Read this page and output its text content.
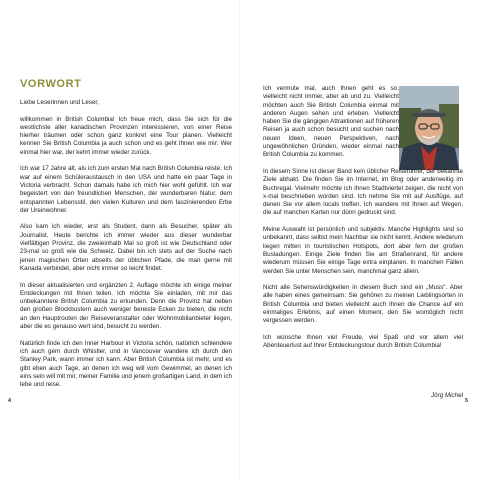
VORWORT

Liebe Leserinnen und Leser,

willkommen in British Columbia! Ich freue mich, dass Sie sich für die westlichste aller kanadischen Provinzen interessieren, von einer Reise hierher träumen oder schon ganz konkret eine Tour planen. Vielleicht kennen Sie British Columbia ja auch schon und es geht Ihnen wie mir: Wer einmal hier war, der kehrt immer wieder zurück.

Ich war 17 Jahre alt, als ich zum ersten Mal nach British Columbia reiste. Ich war auf einem Schüleraustausch in den USA und hatte ein paar Tage in Victoria verbracht. Schon damals habe ich mich hier wohl gefühlt. Ich war begeistert von den freundlichen Menschen, der wunderbaren Natur, dem entspannten Lebensstil, den vielen Kulturen und dem faszinierenden Erbe der Ureinwohner.

Also kam ich wieder, erst als Student, dann als Besucher, später als Journalist. Heute berichte ich immer wieder aus dieser wunderbar vielfältigen Provinz, die zweieinhalb Mal so groß ist wie Deutschland oder 23-mal so groß wie die Schweiz. Dabei bin ich stets auf der Suche nach jenen magischen Orten abseits der üblichen Pfade, die man gerne mit Kanada verbindet, aber nicht immer so leicht findet.

In dieser aktualisierten und ergänzten 2. Auflage möchte ich einige meiner Entdeckungen mit Ihnen teilen. Ich möchte Sie einladen, mit mir das unbekanntere British Columbia zu erkunden. Denn die Provinz hat neben den großen Blockbustern auch weniger bereiste Ecken zu bieten, die nicht an den Hauptrouten der Reiseveranstalter oder Wohnmobilanbieter liegen, aber die es genauso wert sind, besucht zu werden.

Natürlich finde ich den Inner Harbour in Victoria schön, natürlich schlendere ich auch gern durch Whistler, und in Vancouver wandere ich durch den Stanley Park, wann immer ich kann. Aber British Columbia ist mehr, und es gibt eben auch Tage, an denen ich weg will vom Gewimmel, an denen ich eins sein will mit mir, meiner Familie und jenem großartigen Land, in dem ich lebe und reise.

4

Ich vermute mal, auch Ihnen geht es so, vielleicht nicht immer, aber ab und zu. Vielleicht möchten auch Sie British Columbia einmal mit anderen Augen sehen und erleben. Vielleicht haben Sie die gängigen Attraktionen auf früheren Reisen ja auch schon besucht und suchen nach neuen Ideen, neuen Perspektiven, nach ungewöhnlichen Gründen, wieder einmal nach British Columbia zu kommen.

In diesem Sinne ist dieser Band kein üblicher Reiseführer, der bekannte Ziele abhakt. Die finden Sie im Internet, im Blog oder anderweitig im Buchregal. Vielmehr möchte ich Ihnen Stadtviertel zeigen, die nicht von x-mal beschrieben worden sind. Ich nehme Sie mit auf Ausflüge, auf denen Sie vor allem locals treffen. Ich wandere mit Ihnen auf Wegen, die auf manchen Karten nur dünn gedruckt sind.

Meine Auswahl ist persönlich und subjektiv. Manche Highlights sind so unbekannt, dass selbst mein Nachbar sie nicht kennt. Andere wiederum liegen mitten in touristischen Hotspots, dort aber fern der großen Busladungen. Einige Ziele finden Sie am Straßenrand, für andere wiederum müssen Sie einige Tage extra einplanen. In manchen Fällen werden Sie unter Menschen sein, manchmal ganz allein.

Nicht alle Sehenswürdigkeiten in diesem Buch sind ein „Muss“. Aber alle haben eines gemeinsam: Sie gehören zu meinen Lieblingsorten in British Columbia und bieten vielleicht auch Ihnen die Chance auf ein einmaliges Erlebnis, auf einen Moment, den Sie womöglich nicht vergessen werden.

Ich wünsche Ihnen viel Freude, viel Spaß und vor allem viel Abenteuerlust auf Ihrer Entdeckungstour durch British Columbia!

Jörg Michel
5
